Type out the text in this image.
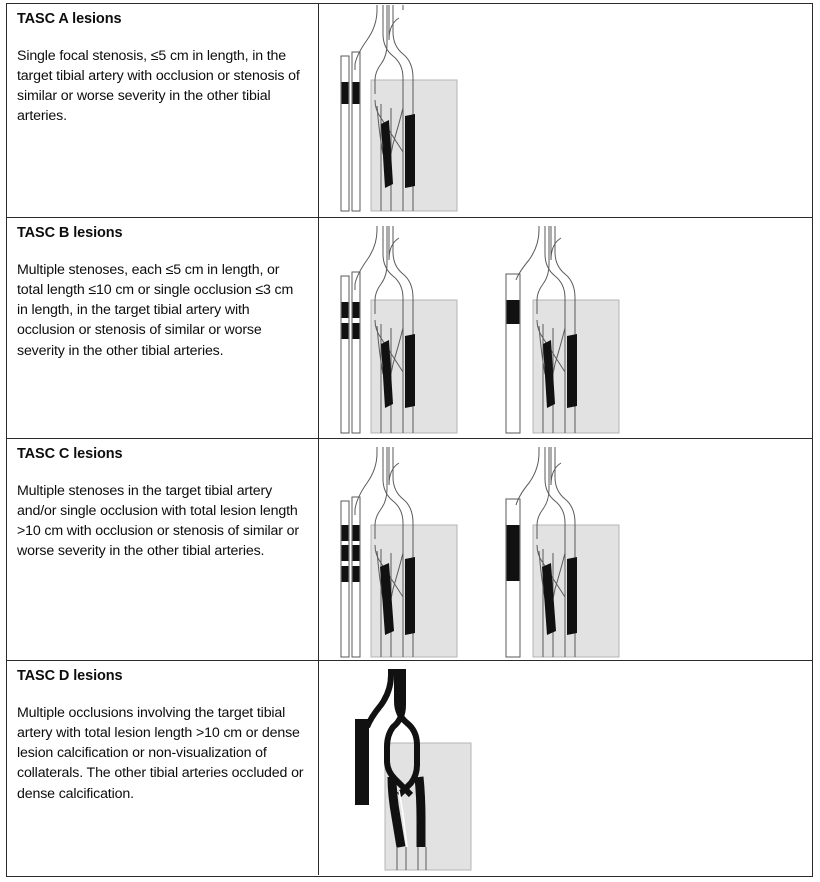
TASC A lesions
Single focal stenosis, ≤5 cm in length, in the target tibial artery with occlusion or stenosis of similar or worse severity in the other tibial arteries.
TASC B lesions
Multiple stenoses, each ≤5 cm in length, or total length ≤10 cm or single occlusion ≤3 cm in length, in the target tibial artery with occlusion or stenosis of similar or worse severity in the other tibial arteries.
TASC C lesions
Multiple stenoses in the target tibial artery and/or single occlusion with total lesion length >10 cm with occlusion or stenosis of similar or worse severity in the other tibial arteries.
TASC D lesions
Multiple occlusions involving the target tibial artery with total lesion length >10 cm or dense lesion calcification or non-visualization of collaterals. The other tibial arteries occluded or dense calcification.
